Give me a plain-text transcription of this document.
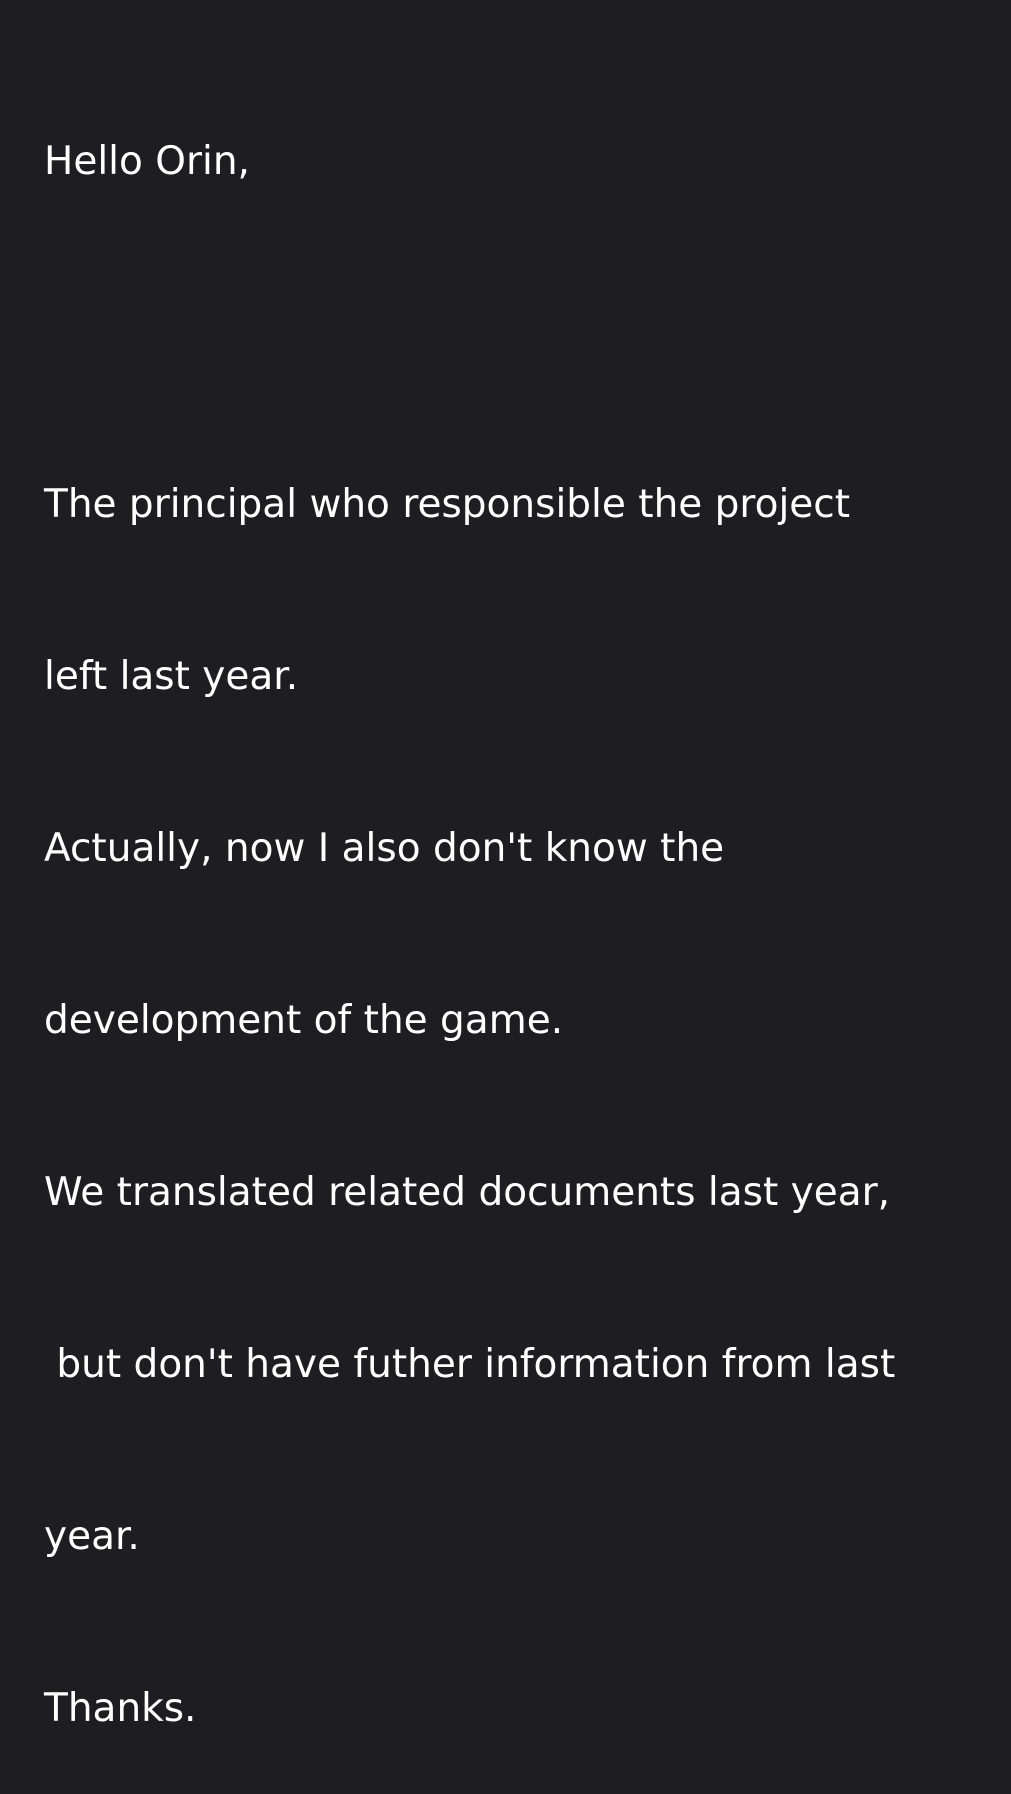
Hello Orin,

The principal who responsible the project

left last year.

Actually, now I also don't know the

development of the game.

We translated related documents last year,

but don't have futher information from last

year.

Thanks.
